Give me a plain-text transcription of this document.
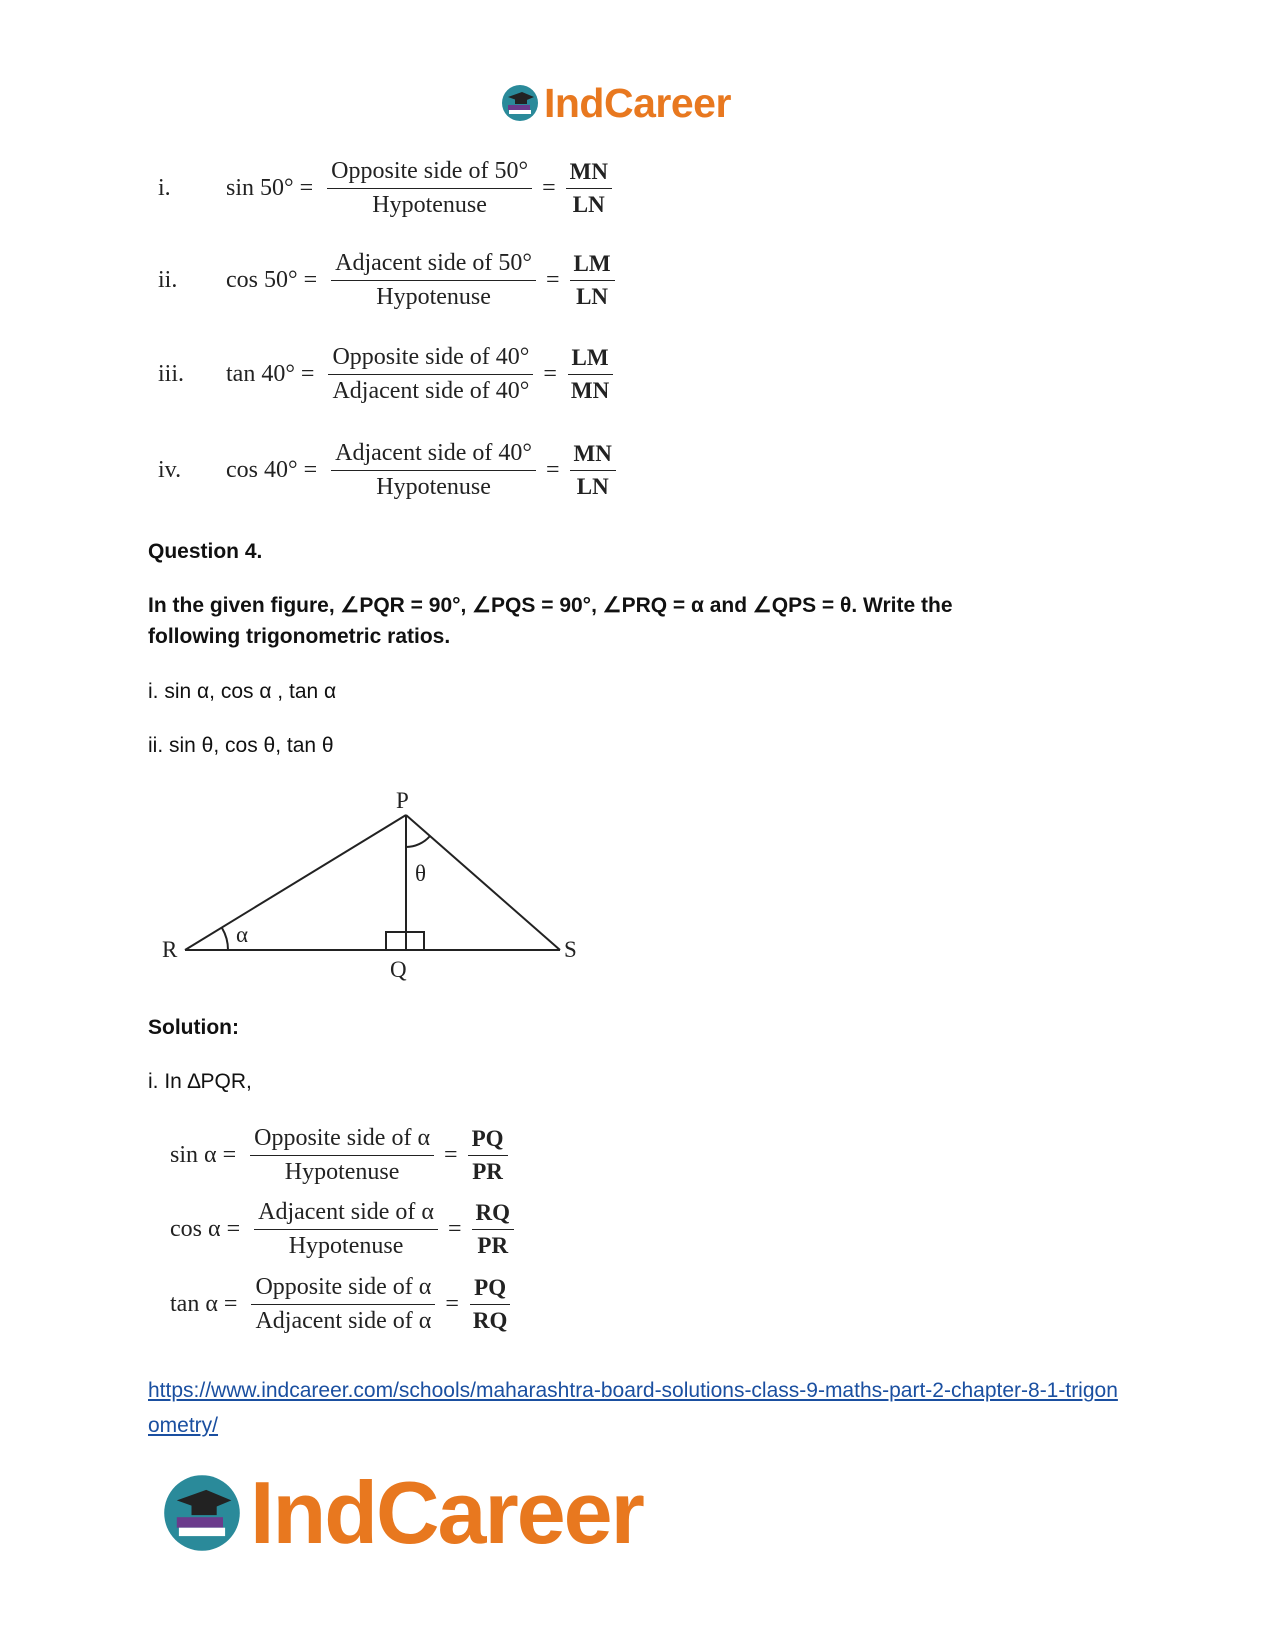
IndCareer
i.	$\sin 50^\circ = \frac{\text{Opposite side of 50°}}{\text{Hypotenuse}} = \frac{MN}{LN}$
ii.	$\cos 50^\circ = \frac{\text{Adjacent side of 50°}}{\text{Hypotenuse}} = \frac{LM}{LN}$
iii.	$\tan 40^\circ = \frac{\text{Opposite side of 40°}}{\text{Adjacent side of 40°}} = \frac{LM}{MN}$
iv.	$\cos 40^\circ = \frac{\text{Adjacent side of 40°}}{\text{Hypotenuse}} = \frac{MN}{LN}$
Question 4.
In the given figure, ∠PQR = 90°, ∠PQS = 90°, ∠PRQ = α and ∠QPS = θ. Write the following trigonometric ratios.
i. sin α, cos α , tan α
ii. sin θ, cos θ, tan θ
P
Q
R	S
α
θ
Solution:
i. In ∆PQR,
$\sin \alpha = \frac{\text{Opposite side of α}}{\text{Hypotenuse}} = \frac{PQ}{PR}$
$\cos \alpha = \frac{\text{Adjacent side of α}}{\text{Hypotenuse}} = \frac{RQ}{PR}$
$\tan \alpha = \frac{\text{Opposite side of α}}{\text{Adjacent side of α}} = \frac{PQ}{RQ}$
https://www.indcareer.com/schools/maharashtra-board-solutions-class-9-maths-part-2-chapter-8-1-trigonometry/
IndCareer
